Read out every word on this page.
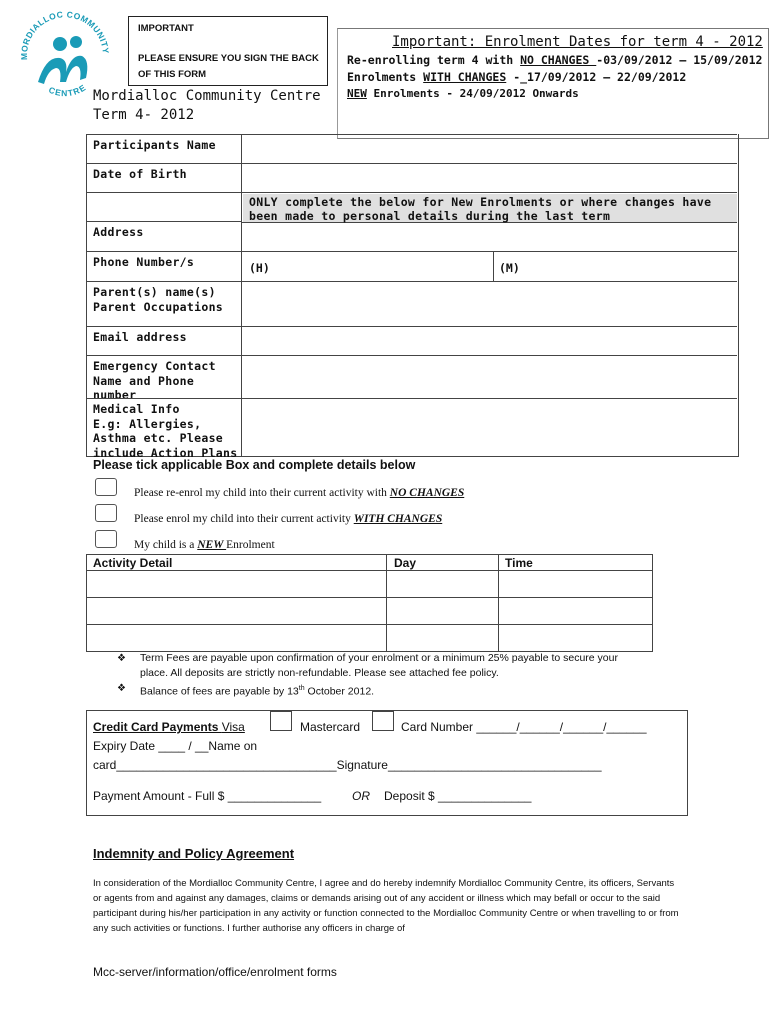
MORDIALLOC COMMUNITY
CENTRE
IMPORTANT
PLEASE ENSURE YOU SIGN THE BACK
OF THIS FORM
Mordialloc Community Centre
Term 4- 2012
Important: Enrolment Dates for term 4 - 2012
Re-enrolling term 4 with NO CHANGES -03/09/2012 – 15/09/2012
Enrolments WITH CHANGES -_17/09/2012 – 22/09/2012
NEW Enrolments - 24/09/2012 Onwards
Participants Name
Date of Birth
Address
Phone Number/s	(H)	(M)
Parent(s) name(s)
Parent Occupations
Email address
Emergency Contact
Name and Phone
number
Medical Info
E.g: Allergies,
Asthma etc. Please
include Action Plans
ONLY complete the below for New Enrolments or where changes have
been made to personal details during the last term
Please tick applicable Box and complete details below
Please re-enrol my child into their current activity with NO CHANGES
Please enrol my child into their current activity WITH CHANGES
My child is a NEW Enrolment
Activity Detail	Day	Time
❖ Term Fees are payable upon confirmation of your enrolment or a minimum 25% payable to secure your
place. All deposits are strictly non-refundable. Please see attached fee policy.
❖ Balance of fees are payable by 13th October 2012.
Credit Card Payments Visa	Mastercard	Card Number ______/______/______/______
Expiry Date ____ / __Name on
card_________________________________Signature________________________________
Payment Amount - Full $ ______________	OR Deposit $ ______________
Indemnity and Policy Agreement
In consideration of the Mordialloc Community Centre, I agree and do hereby indemnify Mordialloc Community Centre, its officers, Servants or agents from and against any damages, claims or demands arising out of any accident or illness which may befall or occur to the said participant during his/her participation in any activity or function connected to the Mordialloc Community Centre or when travelling to or from any such activities or functions. I further authorise any officers in charge of
Mcc-server/information/office/enrolment forms
